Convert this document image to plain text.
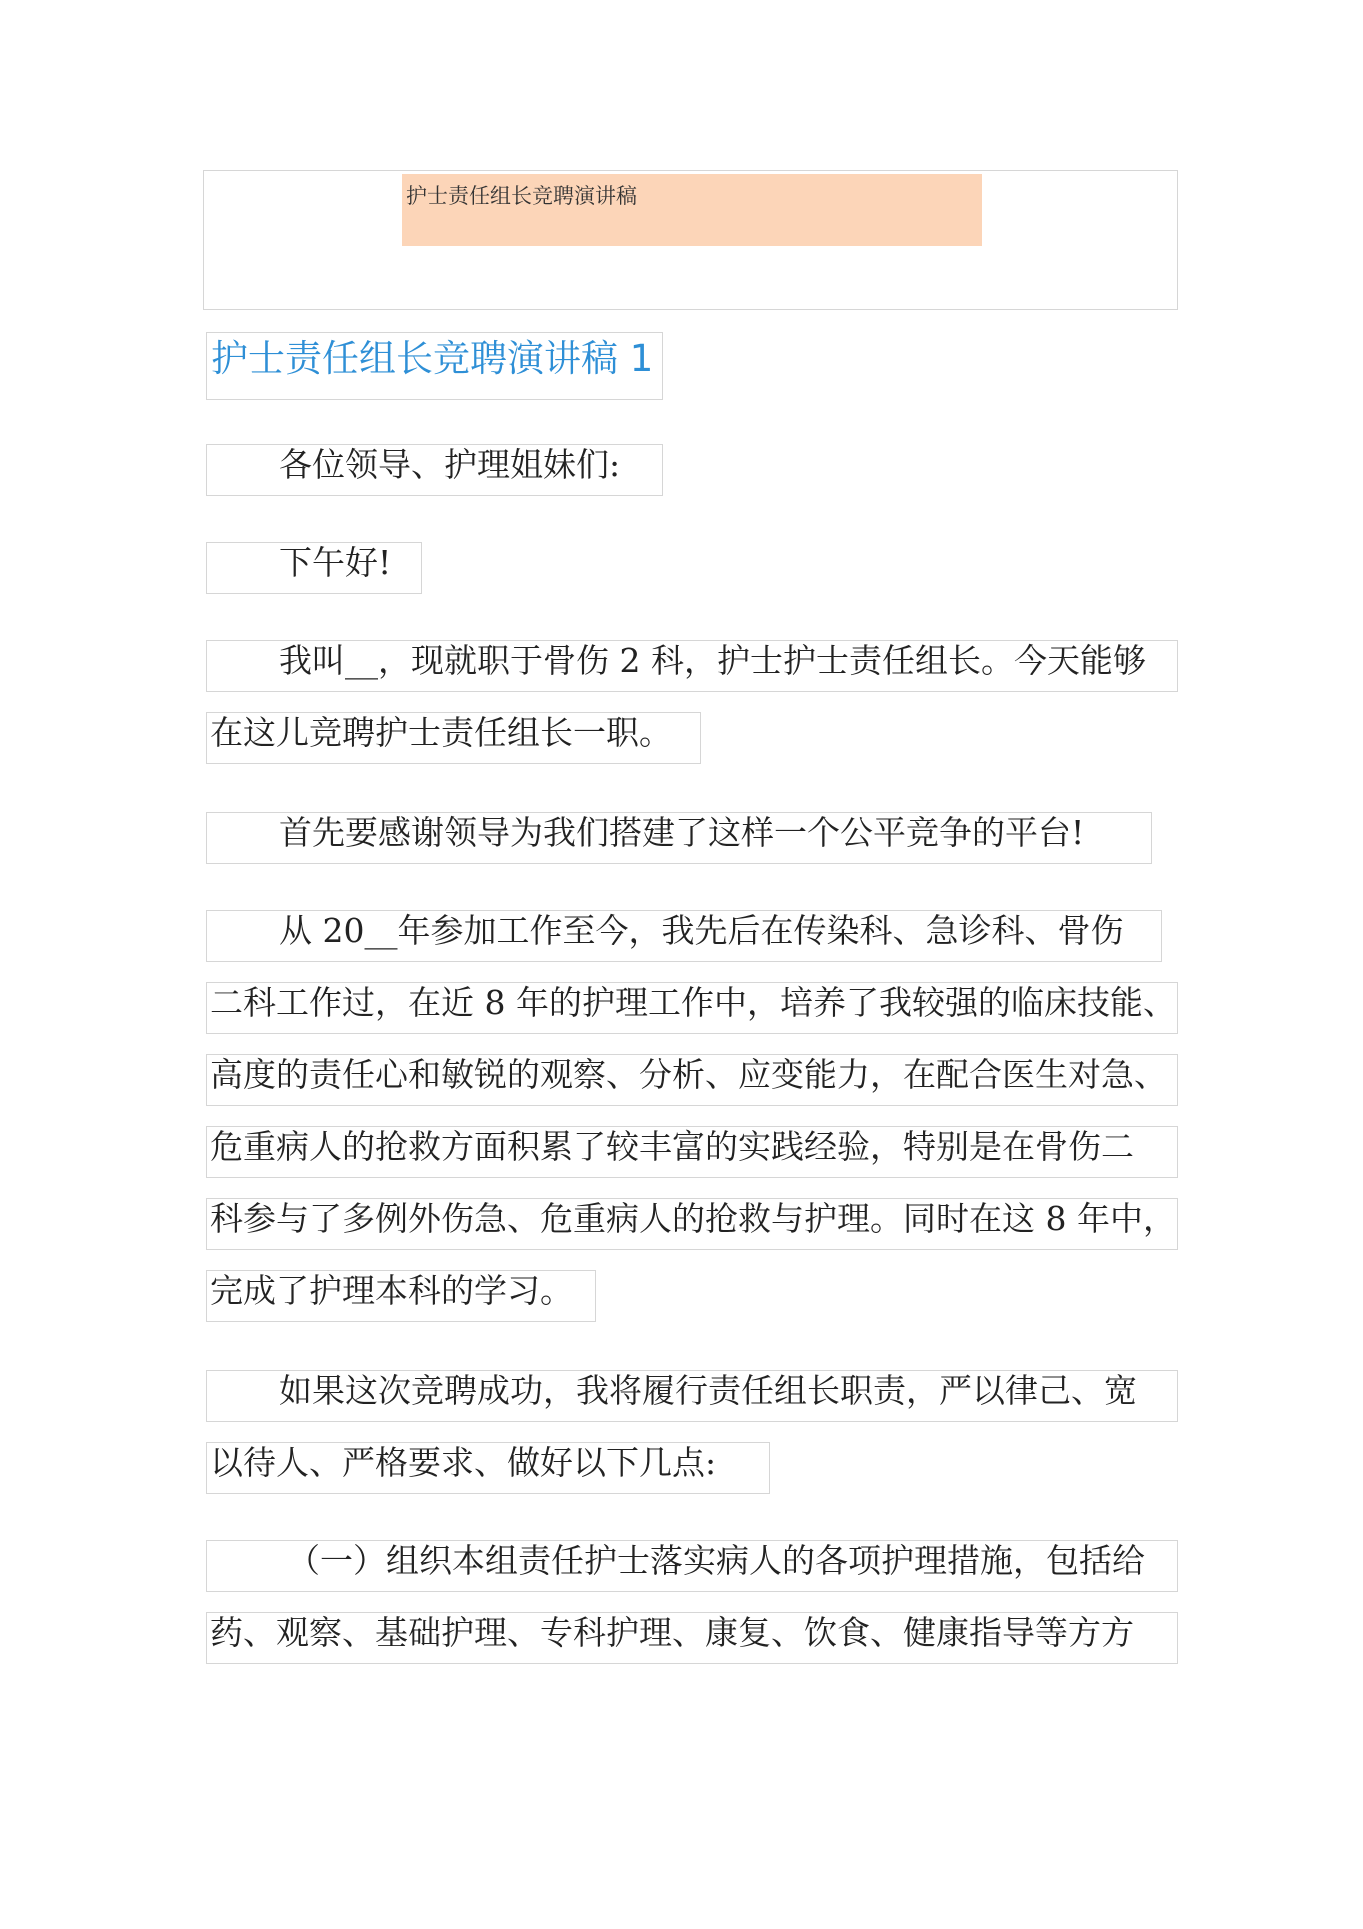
护士责任组长竞聘演讲稿
护士责任组长竞聘演讲稿 1
各位领导、护理姐妹们:
下午好!
我叫__，现就职于骨伤 2 科，护士护士责任组长。今天能够
在这儿竞聘护士责任组长一职。
首先要感谢领导为我们搭建了这样一个公平竞争的平台!
从 20__年参加工作至今，我先后在传染科、急诊科、骨伤
二科工作过，在近 8 年的护理工作中，培养了我较强的临床技能、
高度的责任心和敏锐的观察、分析、应变能力，在配合医生对急、
危重病人的抢救方面积累了较丰富的实践经验，特别是在骨伤二
科参与了多例外伤急、危重病人的抢救与护理。同时在这 8 年中，
完成了护理本科的学习。
如果这次竞聘成功，我将履行责任组长职责，严以律己、宽
以待人、严格要求、做好以下几点:
（一）组织本组责任护士落实病人的各项护理措施，包括给
药、观察、基础护理、专科护理、康复、饮食、健康指导等方方
